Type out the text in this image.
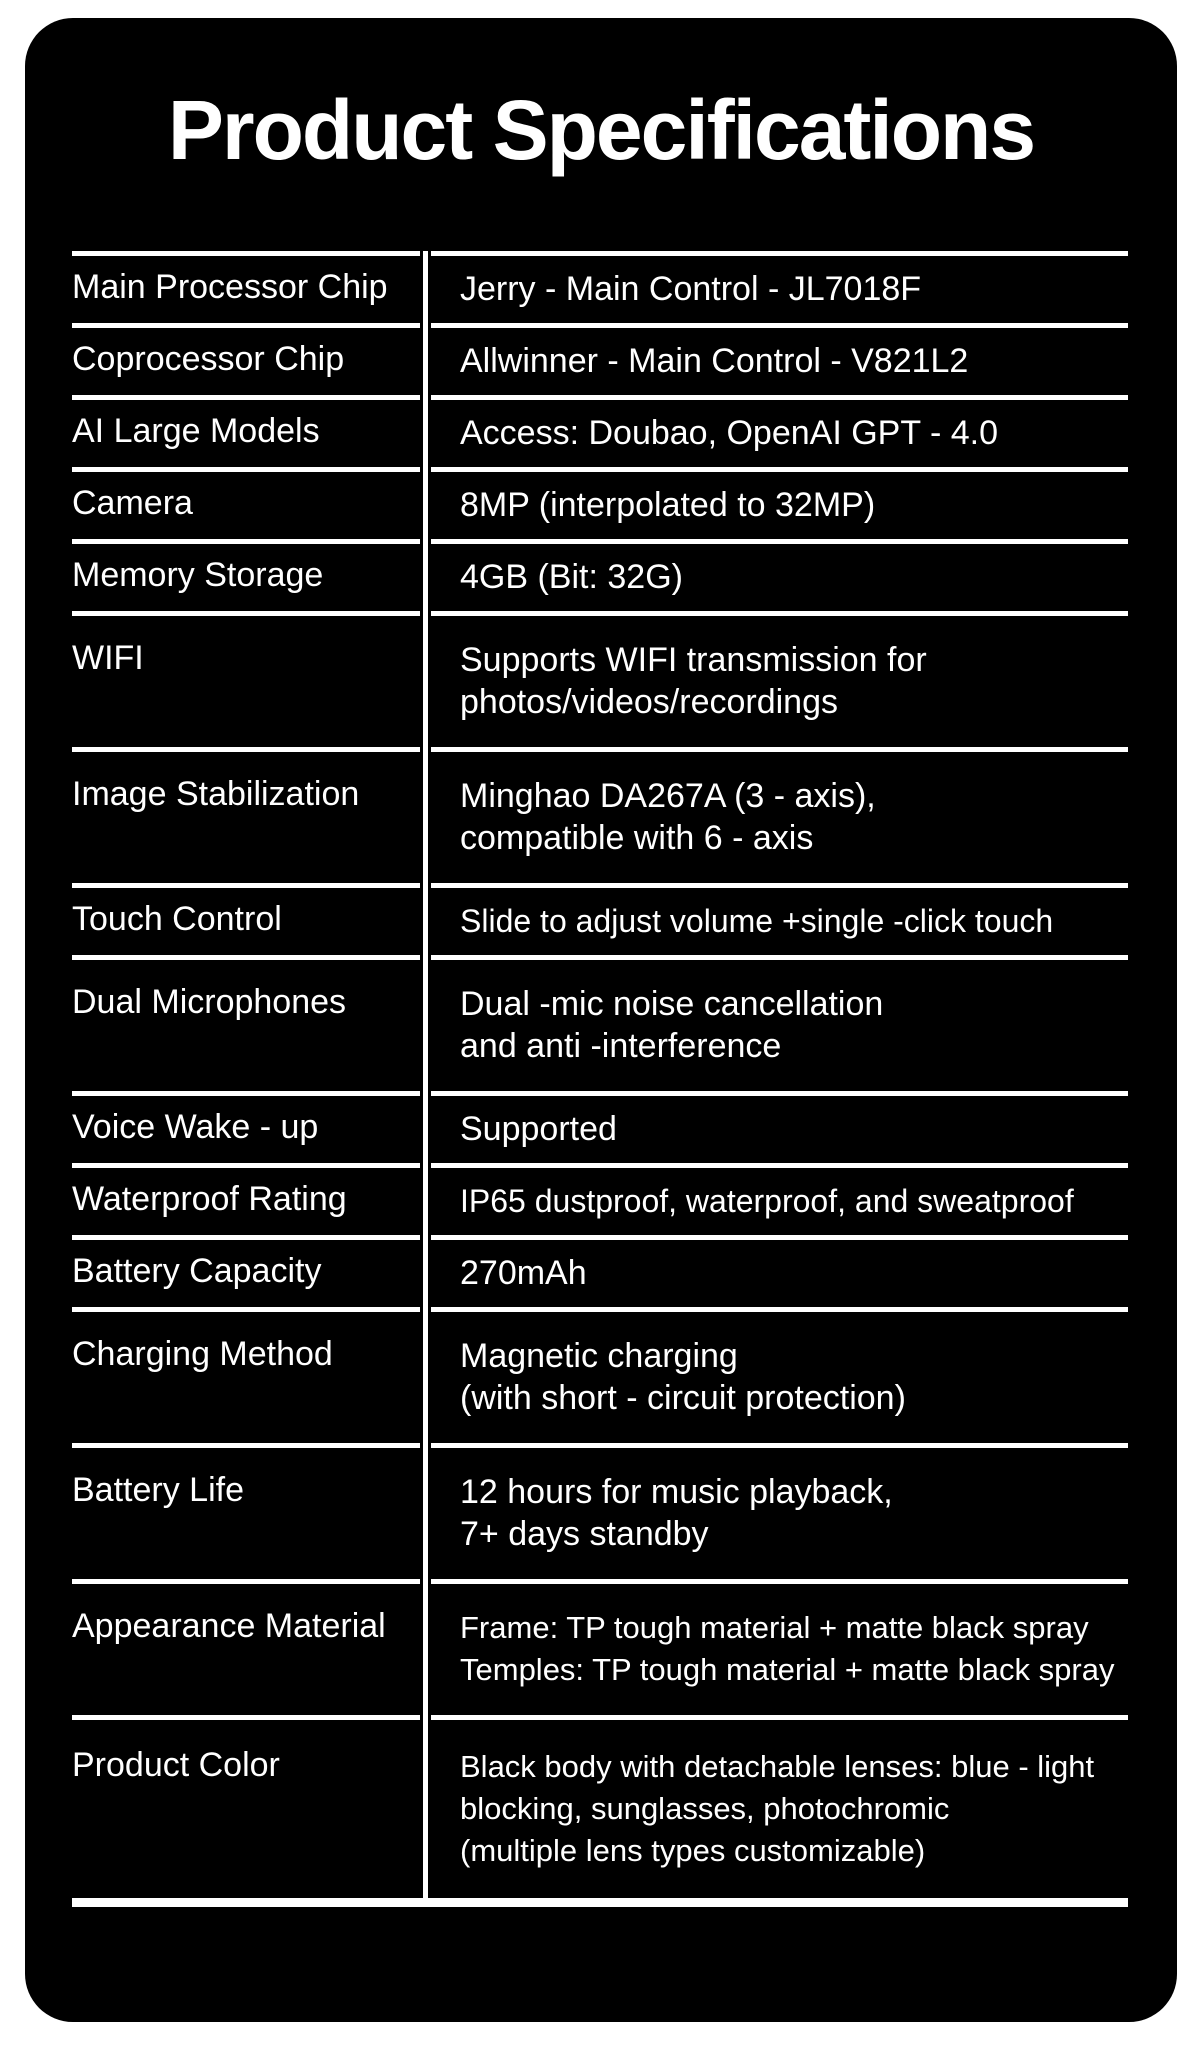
Product Specifications
Main Processor Chip	Jerry - Main Control - JL7018F
Coprocessor Chip	Allwinner - Main Control - V821L2
AI Large Models	Access: Doubao, OpenAI GPT - 4.0
Camera	8MP (interpolated to 32MP)
Memory Storage	4GB (Bit: 32G)
WIFI	Supports WIFI transmission for
photos/videos/recordings
Image Stabilization	Minghao DA267A (3 - axis),
compatible with 6 - axis
Touch Control	Slide to adjust volume +single -click touch
Dual Microphones	Dual -mic noise cancellation
and anti -interference
Voice Wake - up	Supported
Waterproof Rating	IP65 dustproof, waterproof, and sweatproof
Battery Capacity	270mAh
Charging Method	Magnetic charging
(with short - circuit protection)
Battery Life	12 hours for music playback,
7+ days standby
Appearance Material	Frame: TP tough material + matte black spray
Temples: TP tough material + matte black spray
Product Color	Black body with detachable lenses: blue - light
blocking, sunglasses, photochromic
(multiple lens types customizable)
